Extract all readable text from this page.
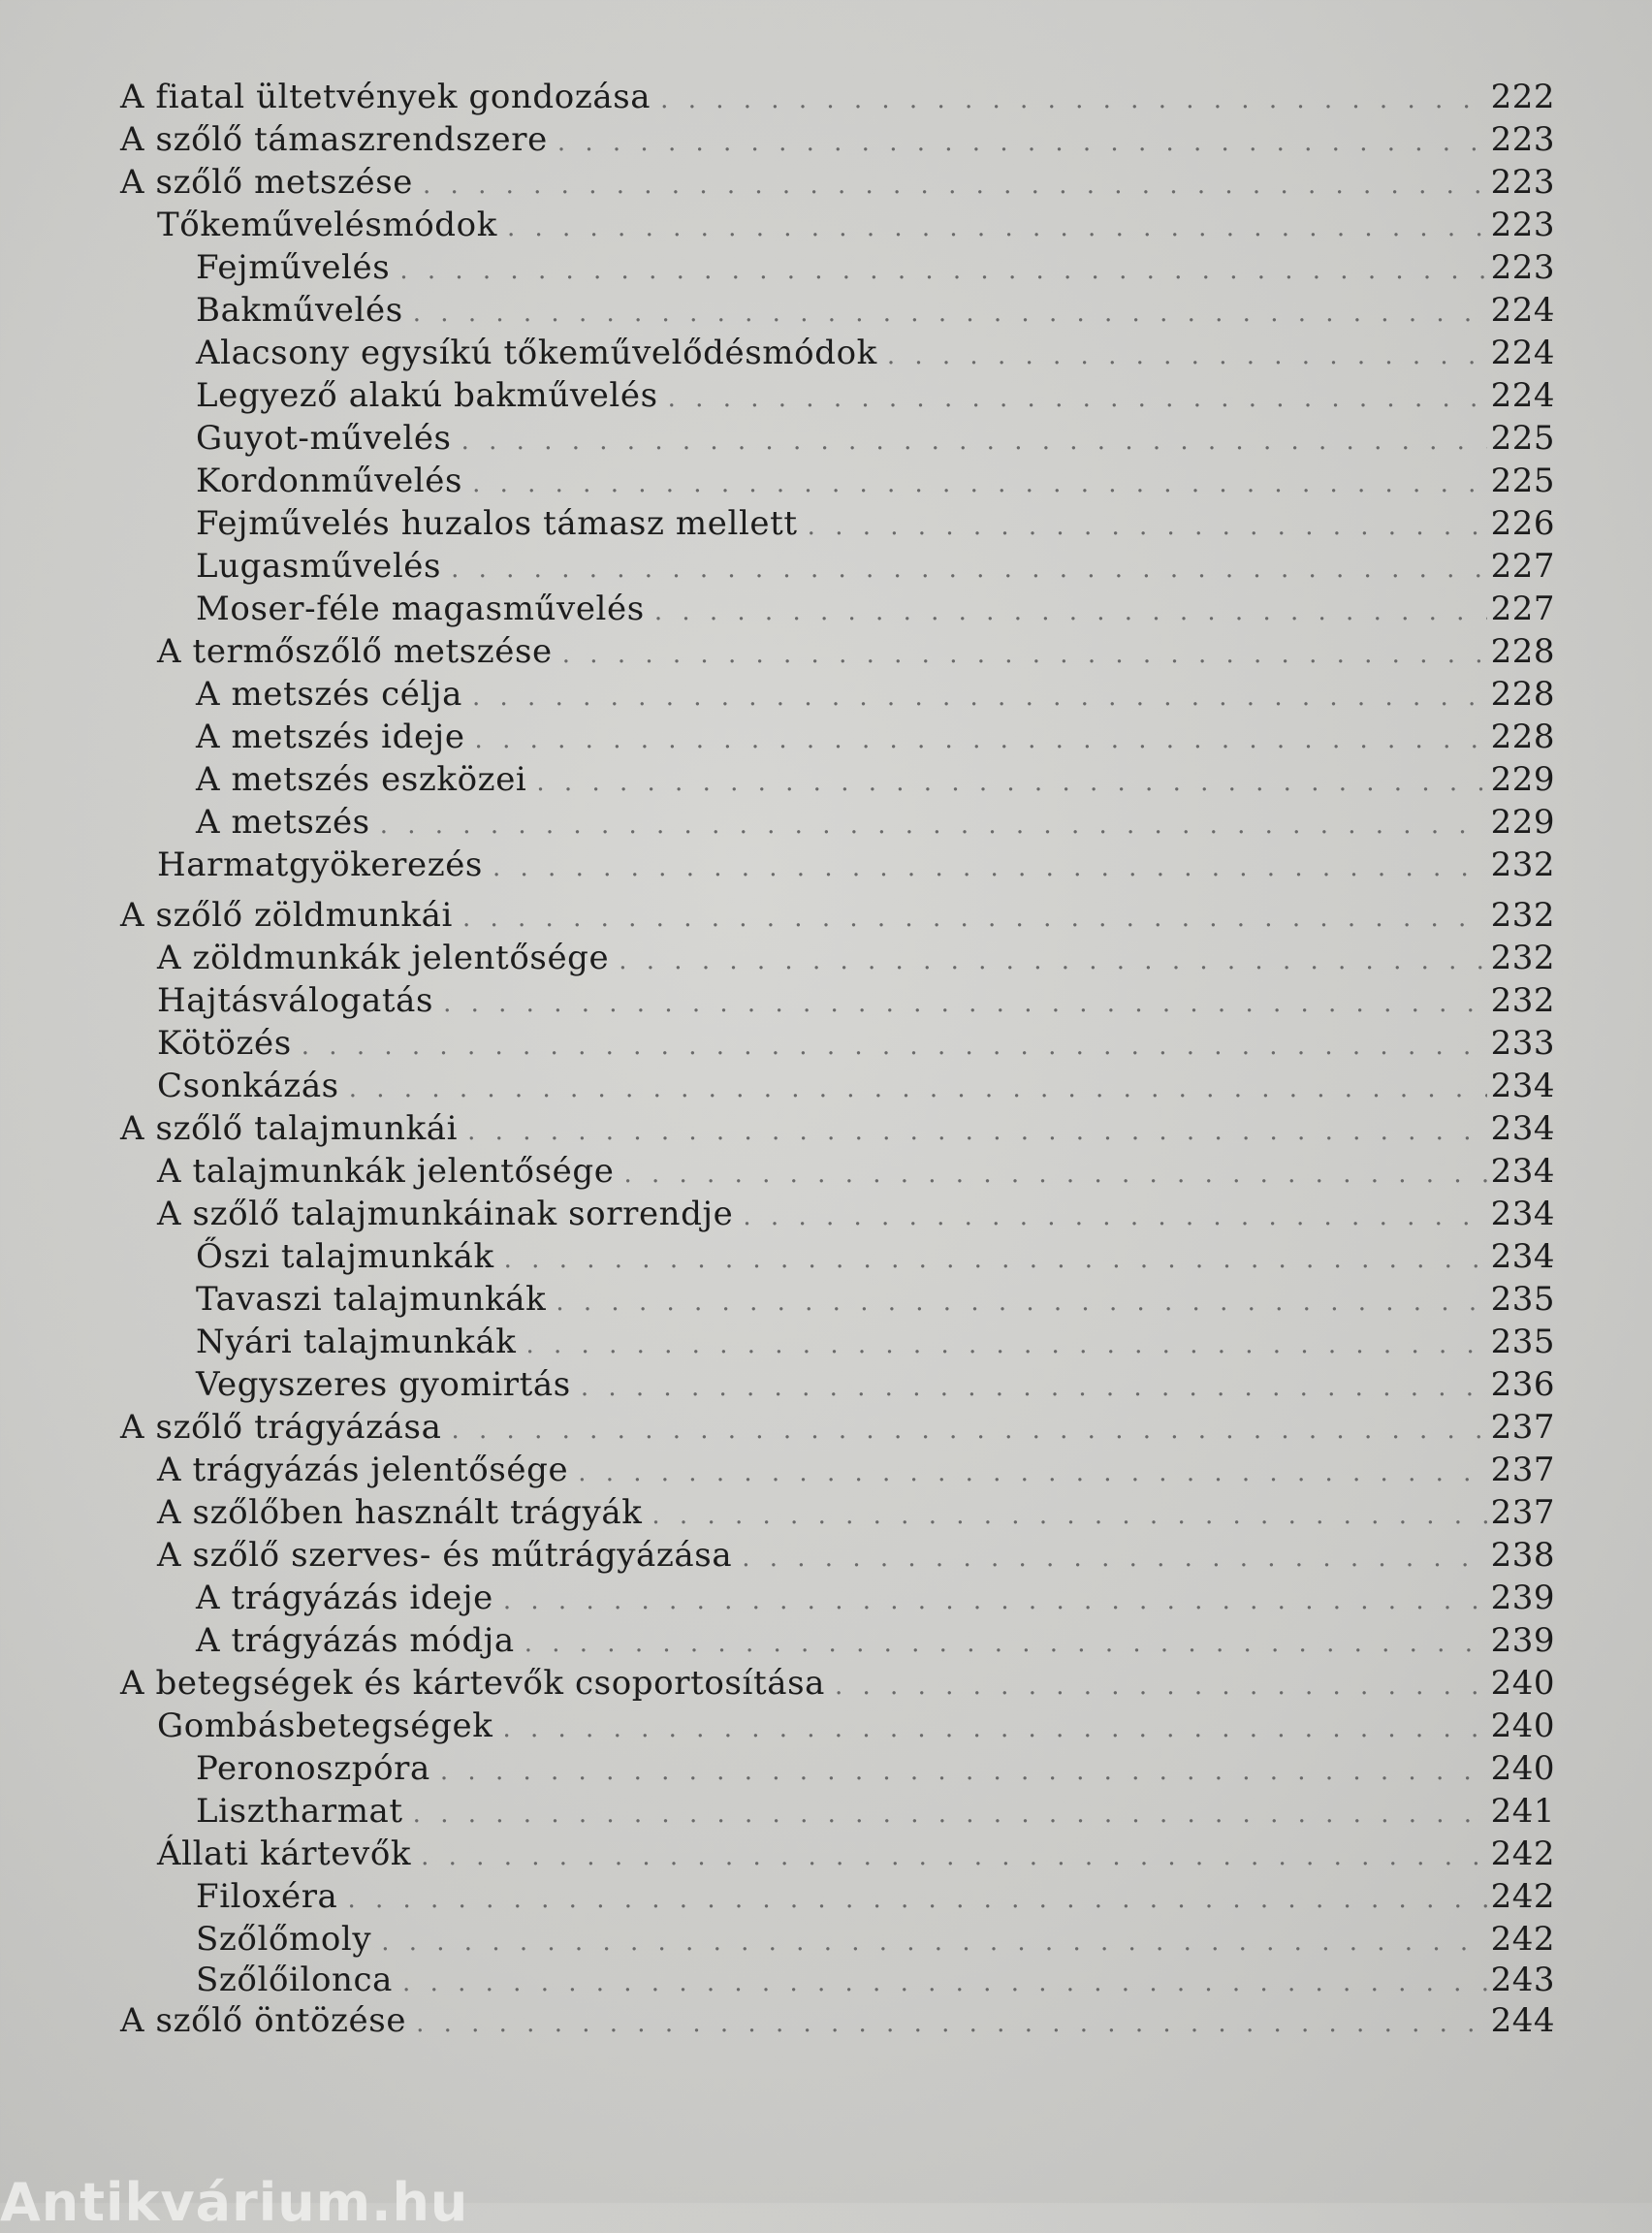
A fiatal ültetvények gondozása . . .	222
A szőlő támaszrendszere . . .	223
A szőlő metszése . . .	223
Tőkeművelésmódok . . .	223
Fejművelés . . .	223
Bakművelés . . .	224
Alacsony egysíkú tőkeművelődésmódok . . .	224
Legyező alakú bakművelés . . .	224
Guyot-művelés . . .	225
Kordonművelés . . .	225
Fejművelés huzalos támasz mellett . . .	226
Lugasművelés . . .	227
Moser-féle magasművelés . . .	227
A termőszőlő metszése . . .	228
A metszés célja . . .	228
A metszés ideje . . .	228
A metszés eszközei . . .	229
A metszés . . .	229
Harmatgyökerezés . . .	232
A szőlő zöldmunkái . . .	232
A zöldmunkák jelentősége . . .	232
Hajtásválogatás . . .	232
Kötözés . . .	233
Csonkázás . . .	234
A szőlő talajmunkái . . .	234
A talajmunkák jelentősége . . .	234
A szőlő talajmunkáinak sorrendje . . .	234
Őszi talajmunkák . . .	234
Tavaszi talajmunkák . . .	235
Nyári talajmunkák . . .	235
Vegyszeres gyomirtás . . .	236
A szőlő trágyázása . . .	237
A trágyázás jelentősége . . .	237
A szőlőben használt trágyák . . .	237
A szőlő szerves- és műtrágyázása . . .	238
A trágyázás ideje . . .	239
A trágyázás módja . . .	239
A betegségek és kártevők csoportosítása . . .	240
Gombásbetegségek . . .	240
Peronoszpóra . . .	240
Lisztharmat . . .	241
Állati kártevők . . .	242
Filoxéra . . .	242
Szőlőmoly . . .	242
Szőlőilonca . . .	243
A szőlő öntözése . . .	244
Antikvárium.hu
